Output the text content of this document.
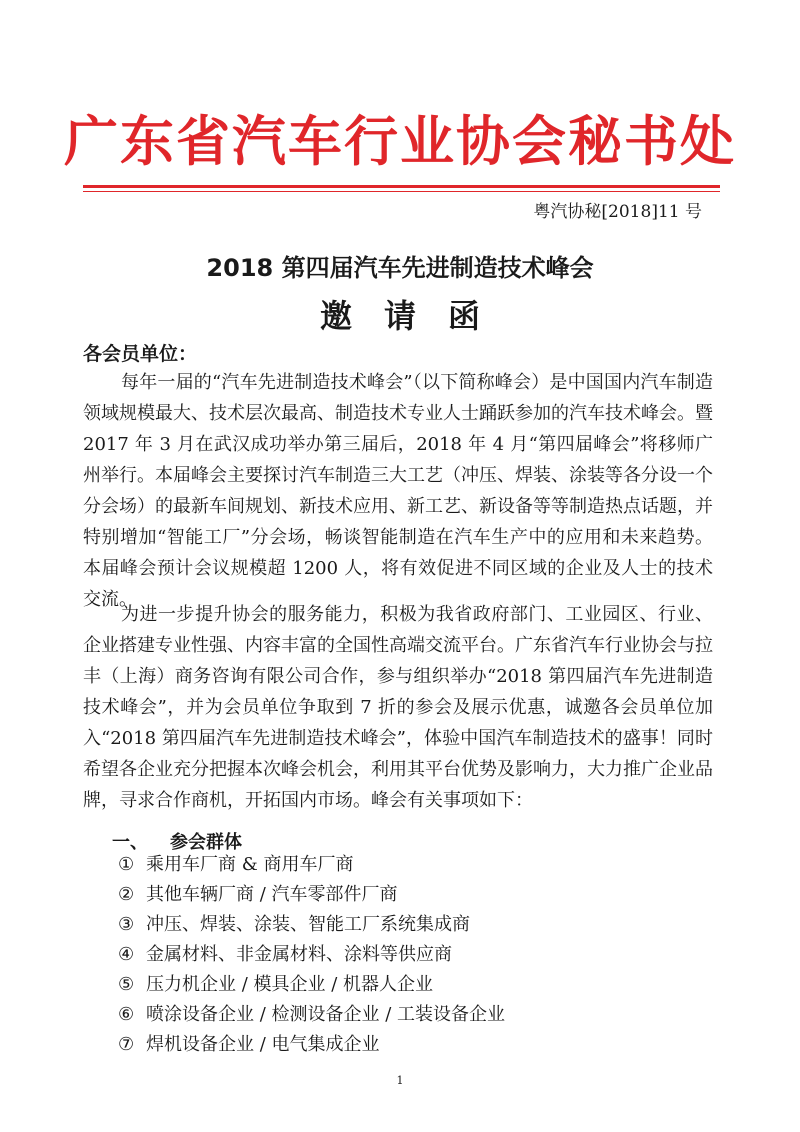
广东省汽车行业协会秘书处
粤汽协秘[2018]11 号
2018 第四届汽车先进制造技术峰会
邀　请　函
各会员单位：

每年一届的“汽车先进制造技术峰会”（以下简称峰会）是中国国内汽车制造领域规模最大、技术层次最高、制造技术专业人士踊跃参加的汽车技术峰会。暨 2017 年 3 月在武汉成功举办第三届后，2018 年 4 月“第四届峰会”将移师广州举行。本届峰会主要探讨汽车制造三大工艺（冲压、焊装、涂装等各分设一个分会场）的最新车间规划、新技术应用、新工艺、新设备等等制造热点话题，并特别增加“智能工厂”分会场，畅谈智能制造在汽车生产中的应用和未来趋势。本届峰会预计会议规模超 1200 人，将有效促进不同区域的企业及人士的技术交流。

为进一步提升协会的服务能力，积极为我省政府部门、工业园区、行业、企业搭建专业性强、内容丰富的全国性高端交流平台。广东省汽车行业协会与拉丰（上海）商务咨询有限公司合作，参与组织举办“2018 第四届汽车先进制造技术峰会”，并为会员单位争取到 7 折的参会及展示优惠，诚邀各会员单位加入“2018 第四届汽车先进制造技术峰会”，体验中国汽车制造技术的盛事！同时希望各企业充分把握本次峰会机会，利用其平台优势及影响力，大力推广企业品牌，寻求合作商机，开拓国内市场。峰会有关事项如下：

一、 参会群体
① 乘用车厂商 & 商用车厂商
② 其他车辆厂商 / 汽车零部件厂商
③ 冲压、焊装、涂装、智能工厂系统集成商
④ 金属材料、非金属材料、涂料等供应商
⑤ 压力机企业 / 模具企业 / 机器人企业
⑥ 喷涂设备企业 / 检测设备企业 / 工装设备企业
⑦ 焊机设备企业 / 电气集成企业
1
